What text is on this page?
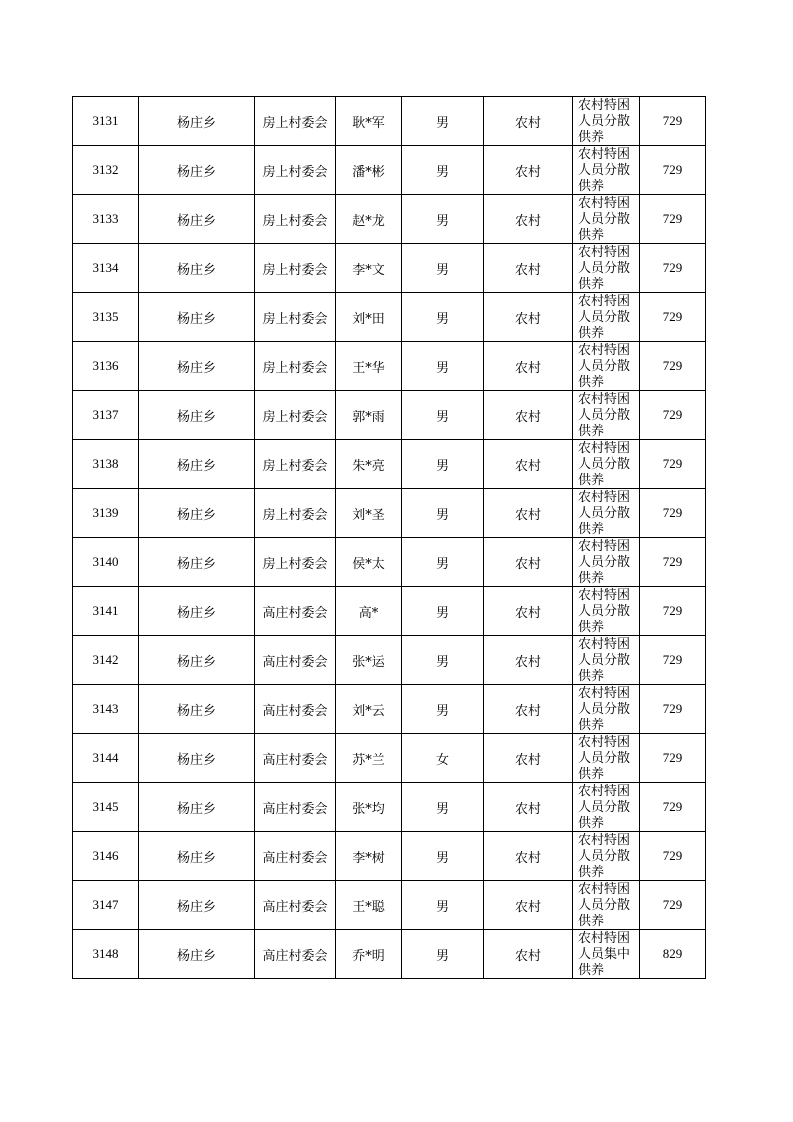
3131	杨庄乡	房上村委会	耿*军	男	农村	农村特困人员分散供养	729
3132	杨庄乡	房上村委会	潘*彬	男	农村	农村特困人员分散供养	729
3133	杨庄乡	房上村委会	赵*龙	男	农村	农村特困人员分散供养	729
3134	杨庄乡	房上村委会	李*文	男	农村	农村特困人员分散供养	729
3135	杨庄乡	房上村委会	刘*田	男	农村	农村特困人员分散供养	729
3136	杨庄乡	房上村委会	王*华	男	农村	农村特困人员分散供养	729
3137	杨庄乡	房上村委会	郭*雨	男	农村	农村特困人员分散供养	729
3138	杨庄乡	房上村委会	朱*亮	男	农村	农村特困人员分散供养	729
3139	杨庄乡	房上村委会	刘*圣	男	农村	农村特困人员分散供养	729
3140	杨庄乡	房上村委会	侯*太	男	农村	农村特困人员分散供养	729
3141	杨庄乡	高庄村委会	高*	男	农村	农村特困人员分散供养	729
3142	杨庄乡	高庄村委会	张*运	男	农村	农村特困人员分散供养	729
3143	杨庄乡	高庄村委会	刘*云	男	农村	农村特困人员分散供养	729
3144	杨庄乡	高庄村委会	苏*兰	女	农村	农村特困人员分散供养	729
3145	杨庄乡	高庄村委会	张*均	男	农村	农村特困人员分散供养	729
3146	杨庄乡	高庄村委会	李*树	男	农村	农村特困人员分散供养	729
3147	杨庄乡	高庄村委会	王*聪	男	农村	农村特困人员分散供养	729
3148	杨庄乡	高庄村委会	乔*明	男	农村	农村特困人员集中供养	829
